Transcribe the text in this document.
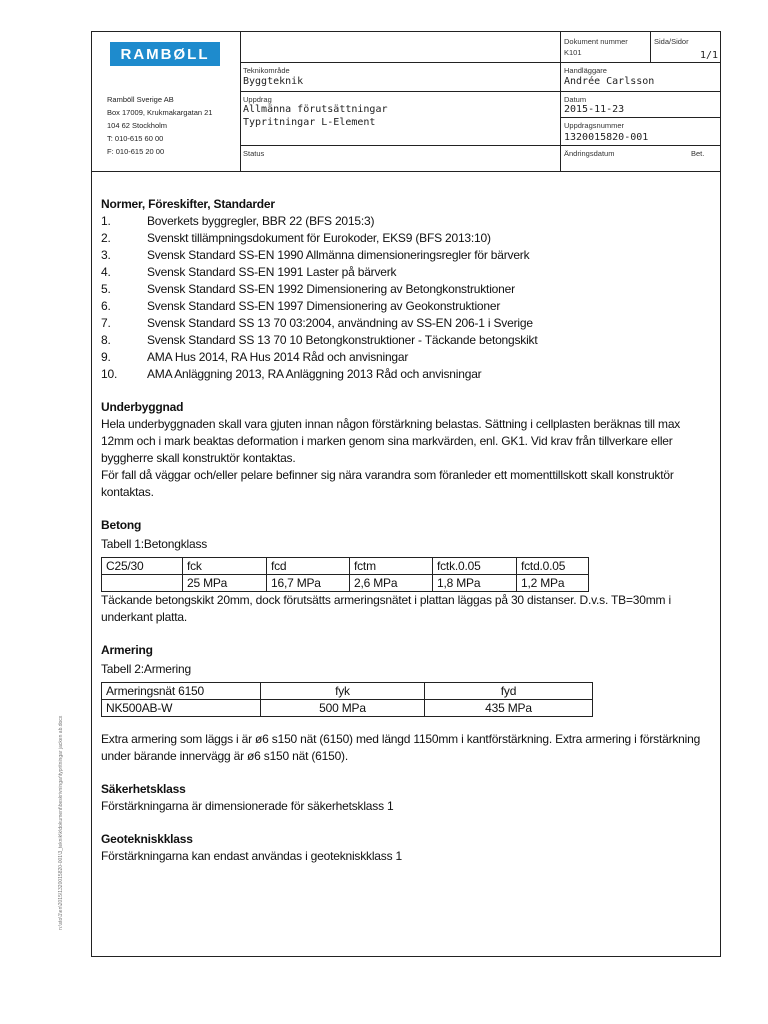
n:\sto\1\en\2015\1320015820-001\3_teknik\k\dokument\beskrivningar\typritningar jacken ab.docx
RAMBØLL
Ramböll Sverige AB
Box 17009, Krukmakargatan 21
104 62 Stockholm
T: 010-615 60 00
F: 010-615 20 00
Dokument nummer
K101
Sida/Sidor
1/1
Teknikområde
Byggteknik
Handläggare
Andrée Carlsson
Uppdrag
Allmänna förutsättningar
Typritningar L-Element
Datum
2015-11-23
Uppdragsnummer
1320015820-001
Status	Ändringsdatum	Bet.
Normer, Föreskifter, Standarder
1.	Boverkets byggregler, BBR 22 (BFS 2015:3)
2.	Svenskt tillämpningsdokument för Eurokoder, EKS9 (BFS 2013:10)
3.	Svensk Standard SS-EN 1990 Allmänna dimensioneringsregler för bärverk
4.	Svensk Standard SS-EN 1991 Laster på bärverk
5.	Svensk Standard SS-EN 1992 Dimensionering av Betongkonstruktioner
6.	Svensk Standard SS-EN 1997 Dimensionering av Geokonstruktioner
7.	Svensk Standard SS 13 70 03:2004, användning av SS-EN 206-1 i Sverige
8.	Svensk Standard SS 13 70 10 Betongkonstruktioner - Täckande betongskikt
9.	AMA Hus 2014, RA Hus 2014 Råd och anvisningar
10.	AMA Anläggning 2013, RA Anläggning 2013 Råd och anvisningar
Underbyggnad

Hela underbyggnaden skall vara gjuten innan någon förstärkning belastas. Sättning i cellplasten beräknas till max 12mm och i mark beaktas deformation i marken genom sina markvärden, enl. GK1. Vid krav från tillverkare eller byggherre skall konstruktör kontaktas.

För fall då väggar och/eller pelare befinner sig nära varandra som föranleder ett momenttillskott skall konstruktör kontaktas.

Betong

Tabell 1:Betongklass

C25/30	fck	fcd	fctm	fctk.0.05	fctd.0.05
	25 MPa	16,7 MPa	2,6 MPa	1,8 MPa	1,2 MPa

Täckande betongskikt 20mm, dock förutsätts armeringsnätet i plattan läggas på 30 distanser. D.v.s. TB=30mm i underkant platta.

Armering

Tabell 2:Armering

Armeringsnät 6150	fyk	fyd
NK500AB-W	500 MPa	435 MPa

Extra armering som läggs i är ø6 s150 nät (6150) med längd 1150mm i kantförstärkning. Extra armering i förstärkning under bärande innervägg är ø6 s150 nät (6150).

Säkerhetsklass

Förstärkningarna är dimensionerade för säkerhetsklass 1

Geotekniskklass

Förstärkningarna kan endast användas i geotekniskklass 1
